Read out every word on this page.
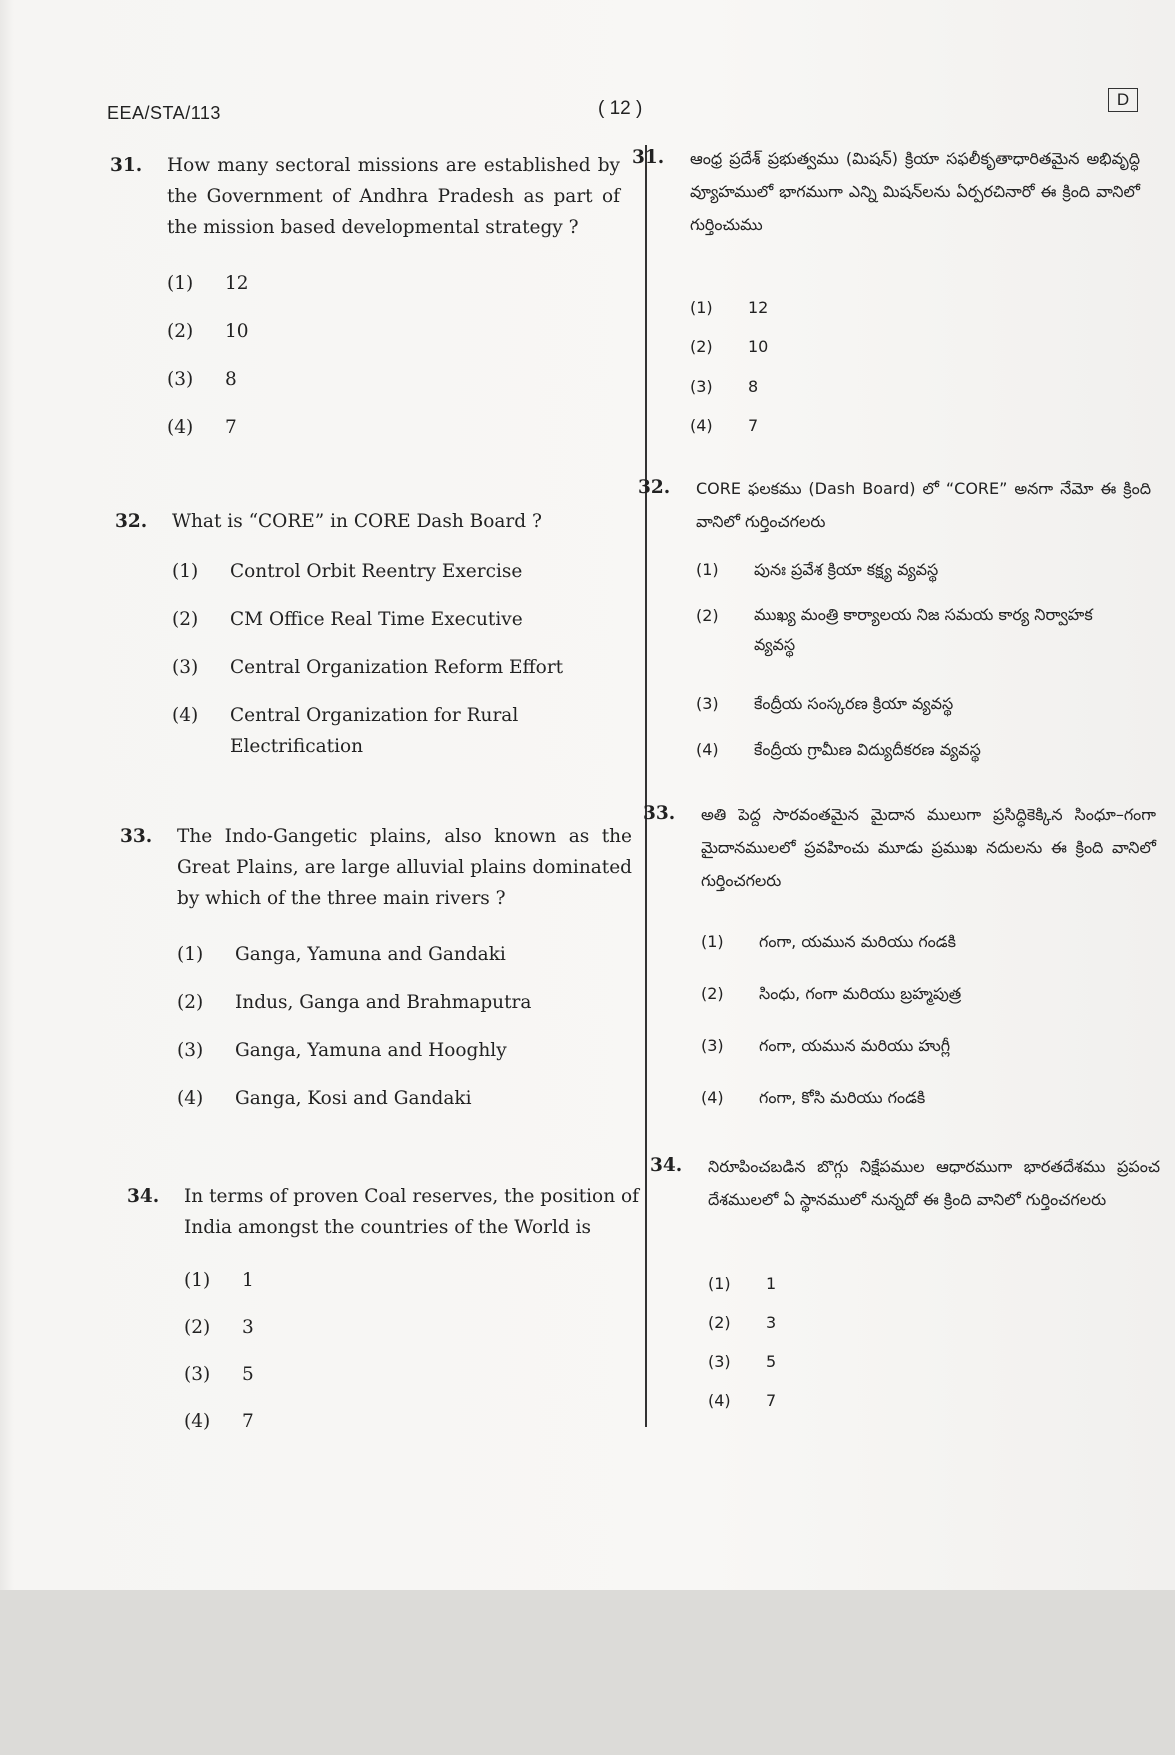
EEA/STA/113	( 12 )	D
31. How many sectoral missions are established by the Government of Andhra Pradesh as part of the mission based developmental strategy ?
(1) 12
(2) 10
(3) 8
(4) 7
32. What is “CORE” in CORE Dash Board ?
(1) Control Orbit Reentry Exercise
(2) CM Office Real Time Executive
(3) Central Organization Reform Effort
(4)	Central Organization for Rural Electrification
33. The Indo-Gangetic plains, also known as the Great Plains, are large alluvial plains dominated by which of the three main rivers ?
(1) Ganga, Yamuna and Gandaki
(2) Indus, Ganga and Brahmaputra
(3) Ganga, Yamuna and Hooghly
(4) Ganga, Kosi and Gandaki
34. In terms of proven Coal reserves, the position of India amongst the countries of the World is
(1) 1
(2) 3
(3) 5
(4) 7
31. ఆంధ్ర ప్రదేశ్ ప్రభుత్వము (మిషన్) క్రియా సఫలీకృతాధారితమైన అభివృద్ధి వ్యూహములో భాగముగా ఎన్ని మిషన్‌లను ఏర్పరచినారో ఈ క్రింది వానిలో గుర్తించుము
(1) 12
(2) 10
(3) 8
(4) 7
32. CORE ఫలకము (Dash Board) లో “CORE” అనగా నేమో ఈ క్రింది వానిలో గుర్తించగలరు
(1) పునః ప్రవేశ క్రియా కక్ష్య వ్యవస్థ
(2)	ముఖ్య మంత్రి కార్యాలయ నిజ సమయ కార్య నిర్వాహక వ్యవస్థ
(3) కేంద్రీయ సంస్కరణ క్రియా వ్యవస్థ
(4) కేంద్రీయ గ్రామీణ విద్యుదీకరణ వ్యవస్థ
33. అతి పెద్ద సారవంతమైన మైదాన ములుగా ప్రసిద్ధికెక్కిన సింధూ–గంగా మైదానములలో ప్రవహించు మూడు ప్రముఖ నదులను ఈ క్రింది వానిలో గుర్తించగలరు
(1) గంగా, యమున మరియు గండకి
(2) సింధు, గంగా మరియు బ్రహ్మపుత్ర
(3) గంగా, యమున మరియు హుగ్లీ
(4) గంగా, కోసి మరియు గండకి
34. నిరూపించబడిన బొగ్గు నిక్షేపముల ఆధారముగా భారతదేశము ప్రపంచ దేశములలో ఏ స్థానములో నున్నదో ఈ క్రింది వానిలో గుర్తించగలరు
(1) 1
(2) 3
(3) 5
(4) 7
